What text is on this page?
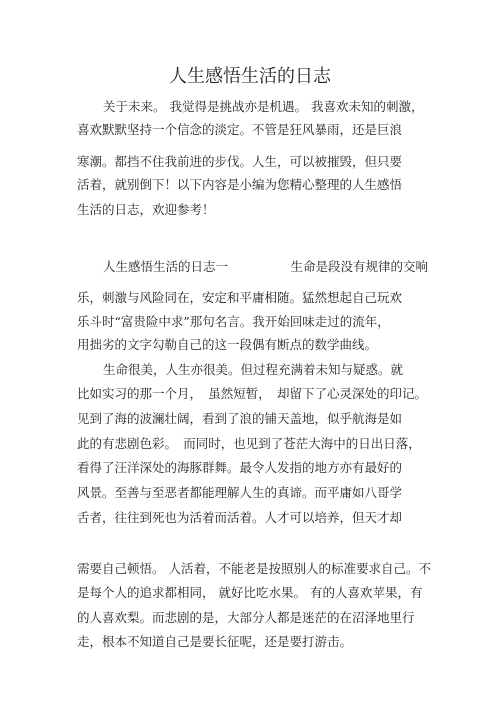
人生感悟生活的日志
关于未来。 我觉得是挑战亦是机遇。 我喜欢未知的刺激，
喜欢默默坚持一个信念的淡定。不管是狂风暴雨，还是巨浪
寒潮。都挡不住我前进的步伐。人生，可以被摧毁，但只要
活着，就别倒下！以下内容是小编为您精心整理的人生感悟
生活的日志，欢迎参考！
人生感悟生活的日志一　　　　　生命是段没有规律的交响
乐，刺激与风险同在，安定和平庸相随。猛然想起自己玩欢
乐斗时“富贵险中求”那句名言。我开始回味走过的流年，
用拙劣的文字勾勒自己的这一段偶有断点的数学曲线。
生命很美，人生亦很美。但过程充满着未知与疑惑。就
比如实习的那一个月，　虽然短暂，　却留下了心灵深处的印记。
见到了海的波澜壮阔，看到了浪的铺天盖地，似乎航海是如
此的有悲剧色彩。　而同时，也见到了苍茫大海中的日出日落，
看得了汪洋深处的海豚群舞。最令人发指的地方亦有最好的
风景。至善与至恶者都能理解人生的真谛。而平庸如八哥学
舌者，往往到死也为活着而活着。人才可以培养，但天才却
需要自己顿悟。 人活着，不能老是按照别人的标准要求自己。不
是每个人的追求都相同， 就好比吃水果。 有的人喜欢苹果，有
的人喜欢梨。而悲剧的是，大部分人都是迷茫的在沼泽地里行
走，根本不知道自己是要长征呢，还是要打游击。
